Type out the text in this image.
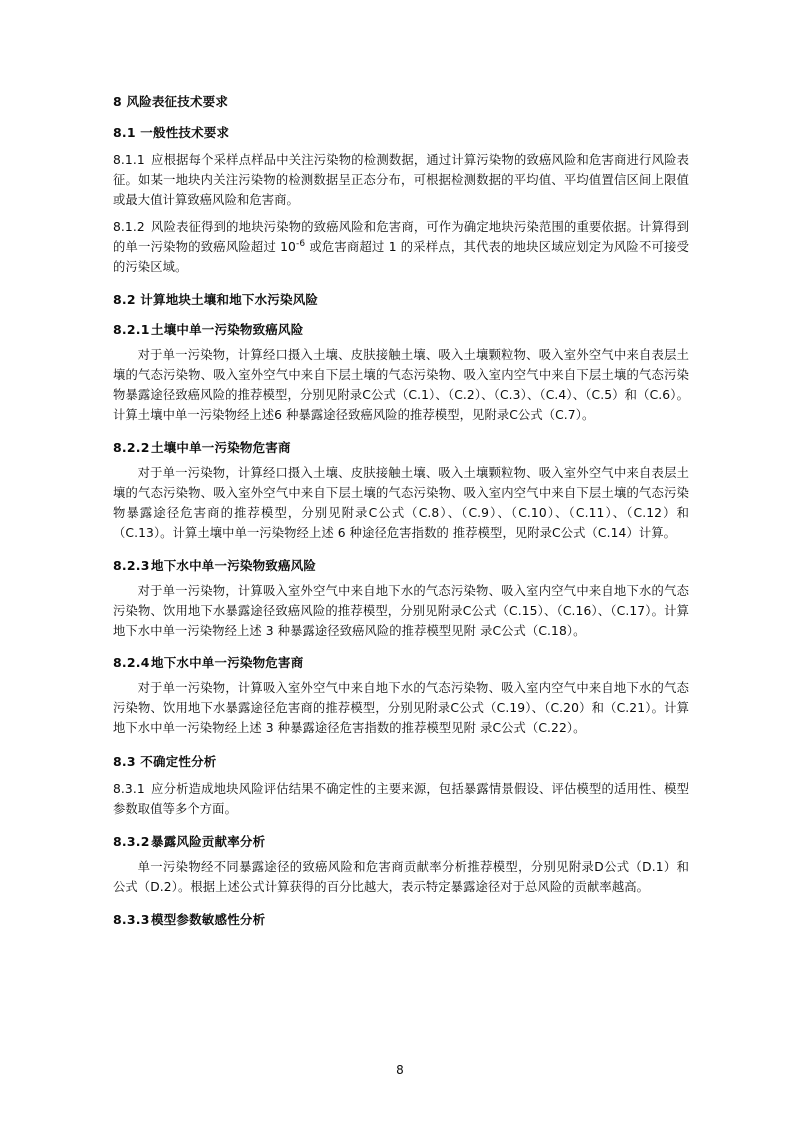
8 风险表征技术要求
8.1 一般性技术要求

8.1.1 应根据每个采样点样品中关注污染物的检测数据，通过计算污染物的致癌风险和危害商进行风险表征。如某一地块内关注污染物的检测数据呈正态分布，可根据检测数据的平均值、平均值置信区间上限值或最大值计算致癌风险和危害商。

8.1.2 风险表征得到的地块污染物的致癌风险和危害商，可作为确定地块污染范围的重要依据。计算得到的单一污染物的致癌风险超过 $10^{-6}$ 或危害商超过 1 的采样点，其代表的地块区域应划定为风险不可接受的污染区域。

8.2 计算地块土壤和地下水污染风险
8.2.1土壤中单一污染物致癌风险

对于单一污染物，计算经口摄入土壤、皮肤接触土壤、吸入土壤颗粒物、吸入室外空气中来自表层土壤的气态污染物、吸入室外空气中来自下层土壤的气态污染物、吸入室内空气中来自下层土壤的气态污染物暴露途径致癌风险的推荐模型，分别见附录C公式（C.1）、（C.2）、（C.3）、（C.4）、（C.5）和（C.6）。计算土壤中单一污染物经上述6 种暴露途径致癌风险的推荐模型，见附录C公式（C.7）。

8.2.2土壤中单一污染物危害商

对于单一污染物，计算经口摄入土壤、皮肤接触土壤、吸入土壤颗粒物、吸入室外空气中来自表层土壤的气态污染物、吸入室外空气中来自下层土壤的气态污染物、吸入室内空气中来自下层土壤的气态污染物暴露途径危害商的推荐模型，分别见附录C公式（C.8）、（C.9）、（C.10）、（C.11）、（C.12）和（C.13）。计算土壤中单一污染物经上述 6 种途径危害指数的 推荐模型，见附录C公式（C.14）计算。

8.2.3地下水中单一污染物致癌风险

对于单一污染物，计算吸入室外空气中来自地下水的气态污染物、吸入室内空气中来自地下水的气态污染物、饮用地下水暴露途径致癌风险的推荐模型，分别见附录C公式（C.15）、（C.16）、（C.17）。计算地下水中单一污染物经上述 3 种暴露途径致癌风险的推荐模型见附 录C公式（C.18）。

8.2.4地下水中单一污染物危害商

对于单一污染物，计算吸入室外空气中来自地下水的气态污染物、吸入室内空气中来自地下水的气态污染物、饮用地下水暴露途径危害商的推荐模型，分别见附录C公式（C.19）、（C.20）和（C.21）。计算地下水中单一污染物经上述 3 种暴露途径危害指数的推荐模型见附 录C公式（C.22）。

8.3 不确定性分析

8.3.1 应分析造成地块风险评估结果不确定性的主要来源，包括暴露情景假设、评估模型的适用性、模型参数取值等多个方面。

8.3.2暴露风险贡献率分析

单一污染物经不同暴露途径的致癌风险和危害商贡献率分析推荐模型，分别见附录D公式（D.1）和公式（D.2）。根据上述公式计算获得的百分比越大，表示特定暴露途径对于总风险的贡献率越高。

8.3.3模型参数敏感性分析
8
